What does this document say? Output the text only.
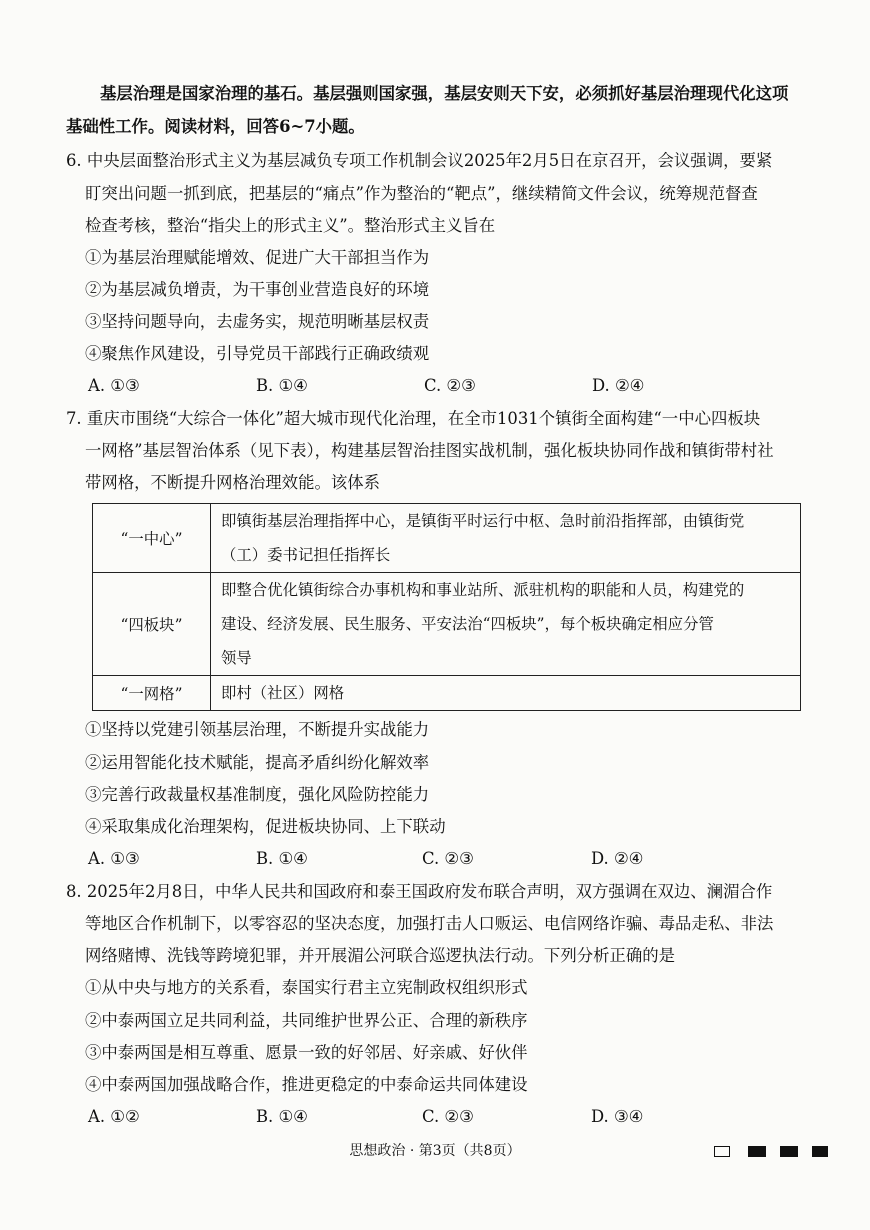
基层治理是国家治理的基石。基层强则国家强，基层安则天下安，必须抓好基层治理现代化这项
基础性工作。阅读材料，回答6~7小题。
6. 中央层面整治形式主义为基层减负专项工作机制会议2025年2月5日在京召开，会议强调，要紧
盯突出问题一抓到底，把基层的“痛点”作为整治的“靶点”，继续精简文件会议，统筹规范督查
检查考核，整治“指尖上的形式主义”。整治形式主义旨在
①为基层治理赋能增效、促进广大干部担当作为
②为基层减负增责，为干事创业营造良好的环境
③坚持问题导向，去虚务实，规范明晰基层权责
④聚焦作风建设，引导党员干部践行正确政绩观
A. ①③	B. ①④	C. ②③	D. ②④
7. 重庆市围绕“大综合一体化”超大城市现代化治理，在全市1031个镇街全面构建“一中心四板块
一网格”基层智治体系（见下表），构建基层智治挂图实战机制，强化板块协同作战和镇街带村社
带网格，不断提升网格治理效能。该体系
“一中心”	即镇街基层治理指挥中心，是镇街平时运行中枢、急时前沿指挥部，由镇街党
（工）委书记担任指挥长

“四板块”	即整合优化镇街综合办事机构和事业站所、派驻机构的职能和人员，构建党的
建设、经济发展、民生服务、平安法治“四板块”，每个板块确定相应分管
领导

“一网格”	即村（社区）网格
①坚持以党建引领基层治理，不断提升实战能力
②运用智能化技术赋能，提高矛盾纠纷化解效率
③完善行政裁量权基准制度，强化风险防控能力
④采取集成化治理架构，促进板块协同、上下联动
A. ①③	B. ①④	C. ②③	D. ②④
8. 2025年2月8日，中华人民共和国政府和泰王国政府发布联合声明，双方强调在双边、澜湄合作
等地区合作机制下，以零容忍的坚决态度，加强打击人口贩运、电信网络诈骗、毒品走私、非法
网络赌博、洗钱等跨境犯罪，并开展湄公河联合巡逻执法行动。下列分析正确的是
①从中央与地方的关系看，泰国实行君主立宪制政权组织形式
②中泰两国立足共同利益，共同维护世界公正、合理的新秩序
③中泰两国是相互尊重、愿景一致的好邻居、好亲戚、好伙伴
④中泰两国加强战略合作，推进更稳定的中泰命运共同体建设
A. ①②	B. ①④	C. ②③	D. ③④
思想政治 · 第3页（共8页）
